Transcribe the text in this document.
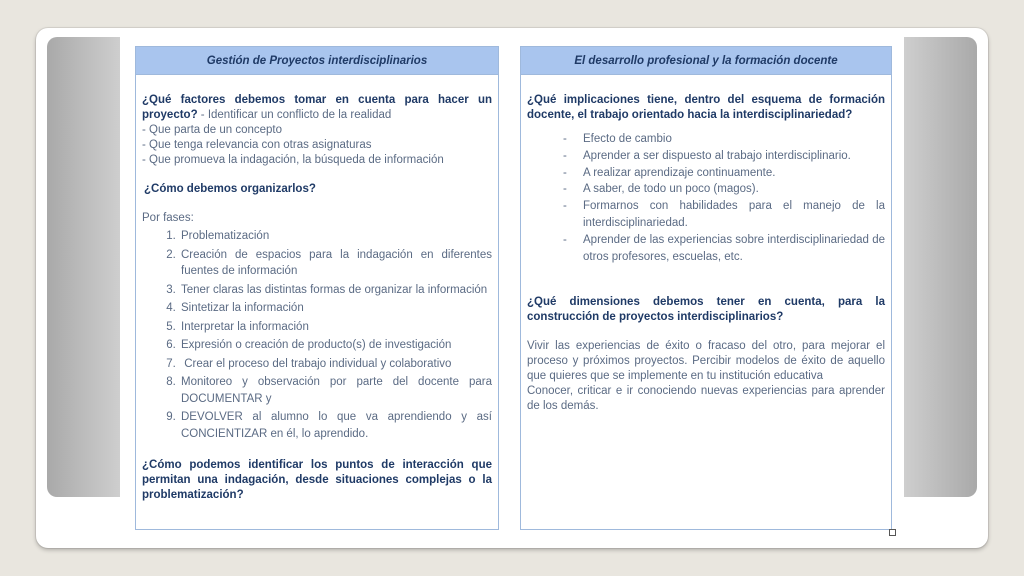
Gestión de Proyectos interdisciplinarios
¿Qué factores debemos tomar en cuenta para hacer un proyecto? - Identificar un conflicto de la realidad
- Que parta de un concepto
- Que tenga relevancia con otras asignaturas
- Que promueva la indagación, la búsqueda de información
¿Cómo debemos organizarlos?
Por fases:
1. Problematización
2. Creación de espacios para la indagación en diferentes fuentes de información
3. Tener claras las distintas formas de organizar la información
4. Sintetizar la información
5. Interpretar la información
6. Expresión o creación de producto(s) de investigación
7.  Crear el proceso del trabajo individual y colaborativo
8. Monitoreo y observación por parte del docente para DOCUMENTAR y
9. DEVOLVER al alumno lo que va aprendiendo y así CONCIENTIZAR en él, lo aprendido.
¿Cómo podemos identificar los puntos de interacción que permitan una indagación, desde situaciones complejas o la problematización?
El desarrollo profesional y la formación docente
¿Qué implicaciones tiene, dentro del esquema de formación docente, el trabajo orientado hacia la interdisciplinariedad?
- Efecto de cambio
- Aprender a ser dispuesto al trabajo interdisciplinario.
- A realizar aprendizaje continuamente.
- A saber, de todo un poco (magos).
- Formarnos con habilidades para el manejo de la interdisciplinariedad.
- Aprender de las experiencias sobre interdisciplinariedad de otros profesores, escuelas, etc.
¿Qué dimensiones debemos tener en cuenta, para la construcción de proyectos interdisciplinarios?
Vivir las experiencias de éxito o fracaso del otro, para mejorar el proceso y próximos proyectos. Percibir modelos de éxito de aquello que quieres que se implemente en tu institución educativa
Conocer, criticar e ir conociendo nuevas experiencias para aprender de los demás.
